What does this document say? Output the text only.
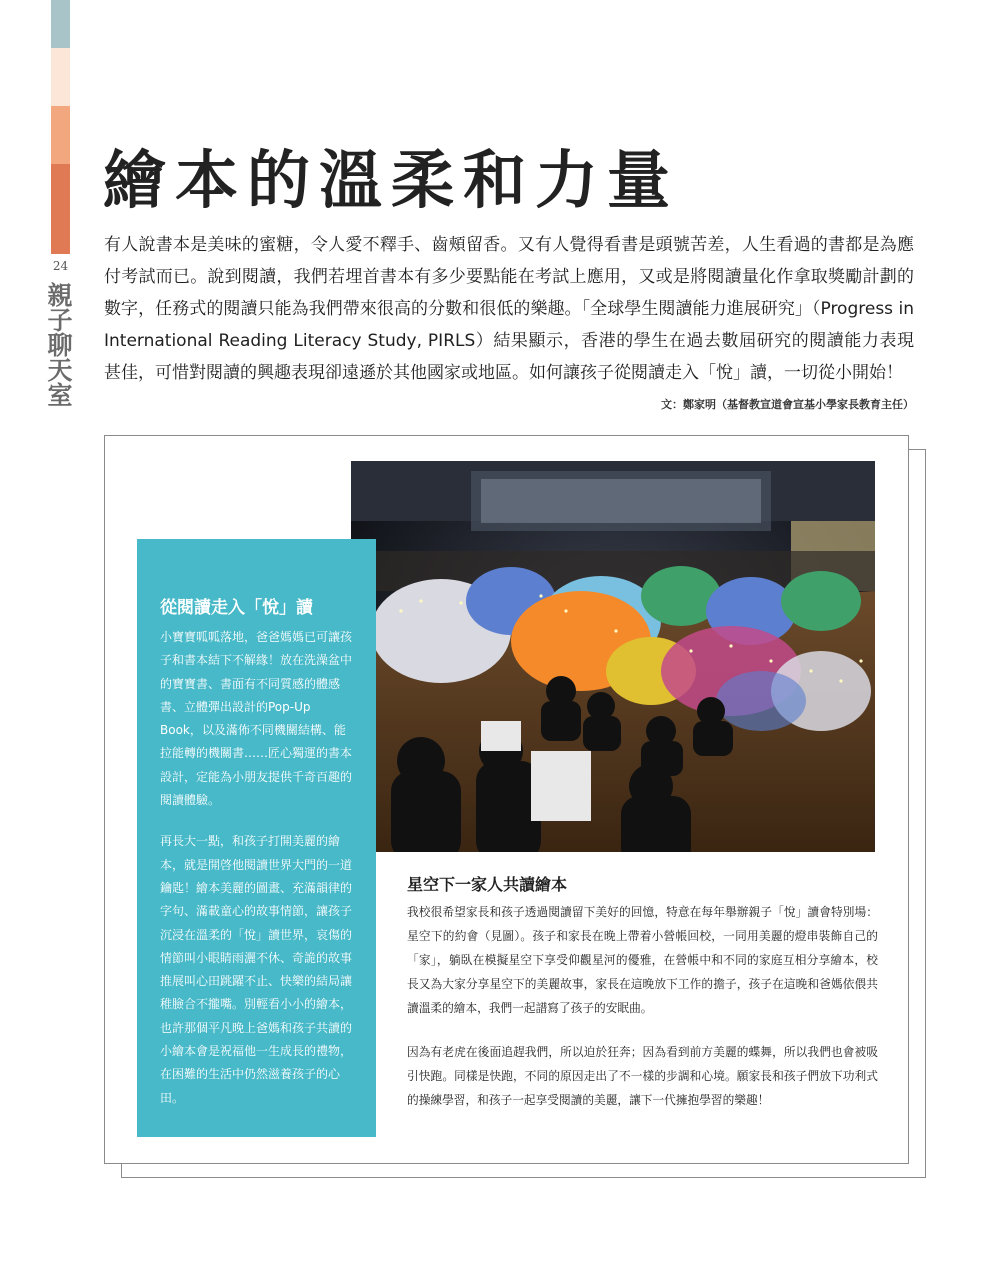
24
親子聊天室
繪本的溫柔和力量

有人說書本是美味的蜜糖，令人愛不釋手、齒頰留香。又有人覺得看書是頭號苦差，人生看過的書都是為應付考試而已。說到閱讀，我們若埋首書本有多少要點能在考試上應用，又或是將閱讀量化作拿取獎勵計劃的數字，任務式的閱讀只能為我們帶來很高的分數和很低的樂趣。「全球學生閱讀能力進展研究」（Progress in International Reading Literacy Study, PIRLS）結果顯示，香港的學生在過去數屆研究的閱讀能力表現甚佳，可惜對閱讀的興趣表現卻遠遜於其他國家或地區。如何讓孩子從閱讀走入「悅」讀，一切從小開始！
文：鄭家明（基督教宣道會宣基小學家長教育主任）

從閱讀走入「悅」讀

小寶寶呱呱落地，爸爸媽媽已可讓孩子和書本結下不解緣！放在洗澡盆中的寶寶書、書面有不同質感的體感書、立體彈出設計的Pop-Up Book，以及滿佈不同機關結構、能拉能轉的機關書……匠心獨運的書本設計，定能為小朋友提供千奇百趣的閱讀體驗。

再長大一點，和孩子打開美麗的繪本，就是開啓他閱讀世界大門的一道鑰匙！繪本美麗的圖畫、充滿韻律的字句、滿載童心的故事情節，讓孩子沉浸在溫柔的「悅」讀世界，哀傷的情節叫小眼睛雨灑不休、奇詭的故事推展叫心田跳躍不止、快樂的結局讓稚臉合不攏嘴。別輕看小小的繪本，也許那個平凡晚上爸媽和孩子共讀的小繪本會是祝福他一生成長的禮物，在困難的生活中仍然滋養孩子的心田。

星空下一家人共讀繪本

我校很希望家長和孩子透過閱讀留下美好的回憶，特意在每年舉辦親子「悅」讀會特別場：星空下的約會（見圖）。孩子和家長在晚上帶着小營帳回校，一同用美麗的燈串裝飾自己的「家」，躺臥在模擬星空下享受仰觀星河的優雅，在營帳中和不同的家庭互相分享繪本，校長又為大家分享星空下的美麗故事，家長在這晚放下工作的擔子，孩子在這晚和爸媽依偎共讀溫柔的繪本，我們一起譜寫了孩子的安眠曲。

因為有老虎在後面追趕我們，所以迫於狂奔；因為看到前方美麗的蝶舞，所以我們也會被吸引快跑。同樣是快跑，不同的原因走出了不一樣的步調和心境。願家長和孩子們放下功利式的操練學習，和孩子一起享受閱讀的美麗，讓下一代擁抱學習的樂趣！
